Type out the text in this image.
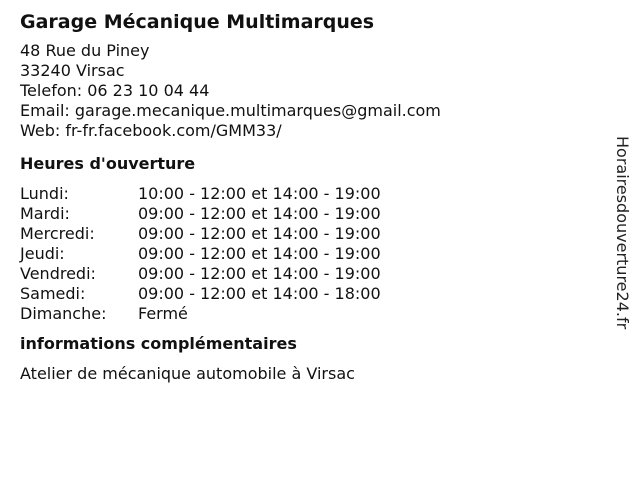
Garage Mécanique Multimarques
48 Rue du Piney
33240 Virsac
Telefon: 06 23 10 04 44
Email: garage.mecanique.multimarques@gmail.com
Web: fr-fr.facebook.com/GMM33/
Heures d'ouverture
Lundi:	10:00 - 12:00 et 14:00 - 19:00
Mardi:	09:00 - 12:00 et 14:00 - 19:00
Mercredi:	09:00 - 12:00 et 14:00 - 19:00
Jeudi:	09:00 - 12:00 et 14:00 - 19:00
Vendredi:	09:00 - 12:00 et 14:00 - 19:00
Samedi:	09:00 - 12:00 et 14:00 - 18:00
Dimanche:	Fermé
informations complémentaires
Atelier de mécanique automobile à Virsac
Horairesdouverture24.fr
